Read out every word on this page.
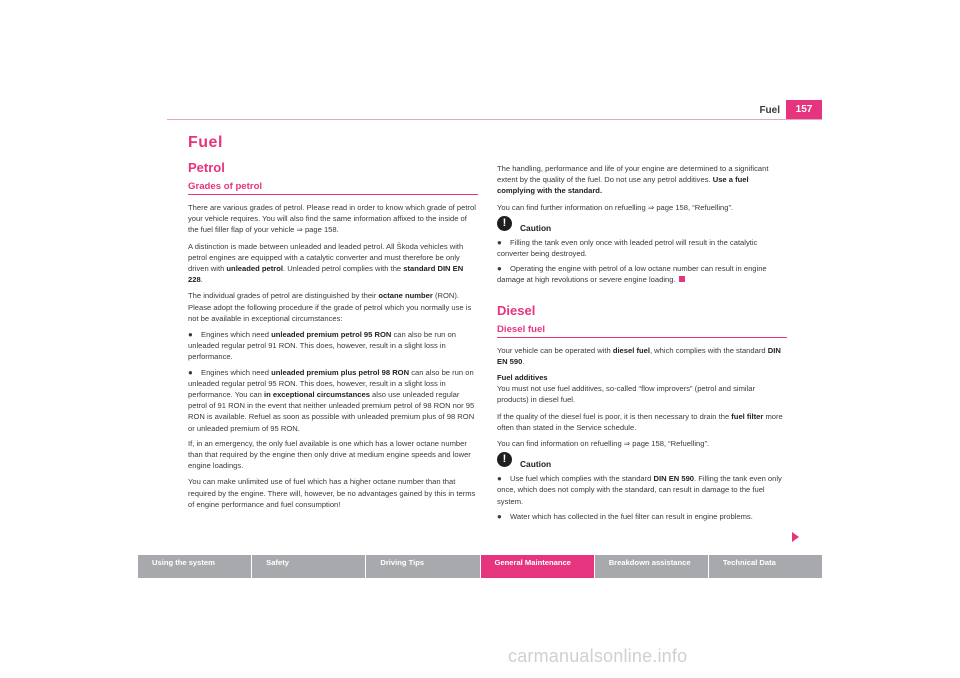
Fuel	157
Fuel
Petrol
Grades of petrol

There are various grades of petrol. Please read in order to know which grade of petrol your vehicle requires. You will also find the same information affixed to the inside of the fuel filler flap of your vehicle ⇒ page 158.

A distinction is made between unleaded and leaded petrol. All Škoda vehicles with petrol engines are equipped with a catalytic converter and must therefore be only driven with unleaded petrol. Unleaded petrol complies with the standard DIN EN 228.

The individual grades of petrol are distinguished by their octane number (RON). Please adopt the following procedure if the grade of petrol which you normally use is not be available in exceptional circumstances:

● Engines which need unleaded premium petrol 95 RON can also be run on unleaded regular petrol 91 RON. This does, however, result in a slight loss in performance.

● Engines which need unleaded premium plus petrol 98 RON can also be run on unleaded regular petrol 95 RON. This does, however, result in a slight loss in performance. You can in exceptional circumstances also use unleaded regular petrol of 91 RON in the event that neither unleaded premium petrol of 98 RON nor 95 RON is available. Refuel as soon as possible with unleaded premium plus of 98 RON or unleaded premium of 95 RON.

If, in an emergency, the only fuel available is one which has a lower octane number than that required by the engine then only drive at medium engine speeds and lower engine loadings.

You can make unlimited use of fuel which has a higher octane number than that required by the engine. There will, however, be no advantages gained by this in terms of engine performance and fuel consumption!

The handling, performance and life of your engine are determined to a significant extent by the quality of the fuel. Do not use any petrol additives. Use a fuel complying with the standard.

You can find further information on refuelling ⇒ page 158, “Refuelling”.

!	Caution

● Filling the tank even only once with leaded petrol will result in the catalytic converter being destroyed.

● Operating the engine with petrol of a low octane number can result in engine damage at high revolutions or severe engine loading.

Diesel
Diesel fuel

Your vehicle can be operated with diesel fuel, which complies with the standard DIN EN 590.

Fuel additives

You must not use fuel additives, so-called “flow improvers” (petrol and similar products) in diesel fuel.

If the quality of the diesel fuel is poor, it is then necessary to drain the fuel filter more often than stated in the Service schedule.

You can find information on refuelling ⇒ page 158, “Refuelling”.

!	Caution

● Use fuel which complies with the standard DIN EN 590. Filling the tank even only once, which does not comply with the standard, can result in damage to the fuel system.

● Water which has collected in the fuel filter can result in engine problems.

Using the system	Safety	Driving Tips	General Maintenance	Breakdown assistance	Technical Data
carmanualsonline.info
